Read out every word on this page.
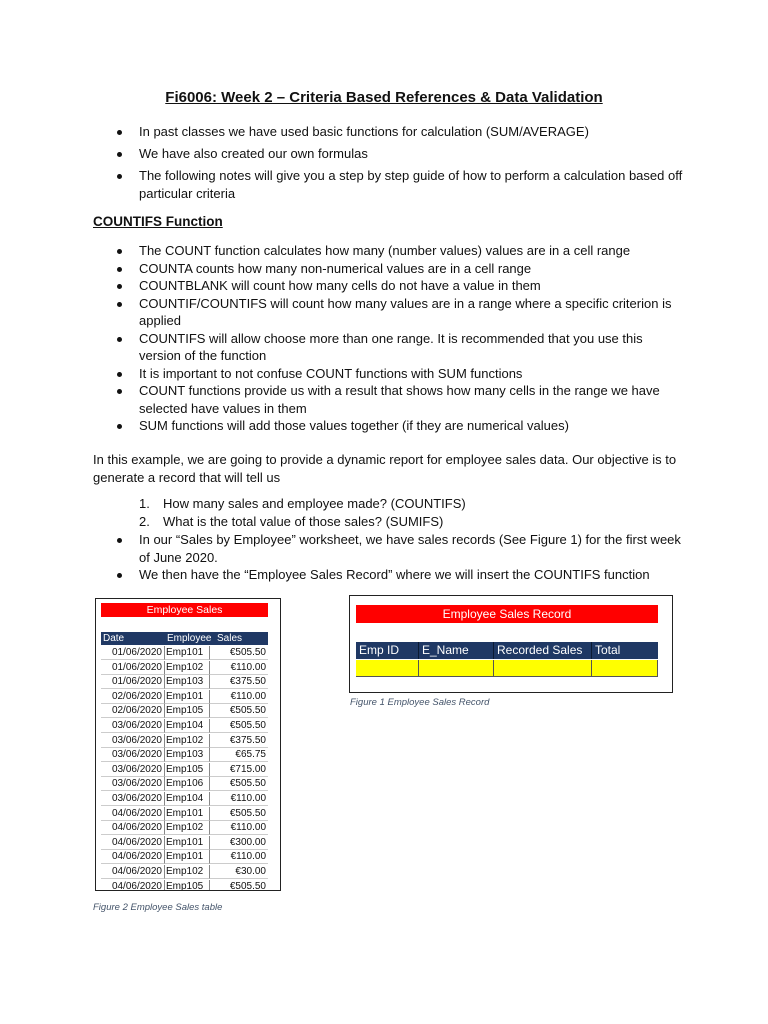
Fi6006: Week 2 – Criteria Based References & Data Validation
In past classes we have used basic functions for calculation (SUM/AVERAGE)
We have also created our own formulas
The following notes will give you a step by step guide of how to perform a calculation based off particular criteria
COUNTIFS Function
The COUNT function calculates how many (number values) values are in a cell range
COUNTA counts how many non-numerical values are in a cell range
COUNTBLANK will count how many cells do not have a value in them
COUNTIF/COUNTIFS will count how many values are in a range where a specific criterion is applied
COUNTIFS will allow choose more than one range. It is recommended that you use this version of the function
It is important to not confuse COUNT functions with SUM functions
COUNT functions provide us with a result that shows how many cells in the range we have selected have values in them
SUM functions will add those values together (if they are numerical values)
In this example, we are going to provide a dynamic report for employee sales data. Our objective is to generate a record that will tell us
1. How many sales and employee made? (COUNTIFS)
2. What is the total value of those sales? (SUMIFS)
In our “Sales by Employee” worksheet, we have sales records (See Figure 1) for the first week of June 2020.
We then have the “Employee Sales Record” where we will insert the COUNTIFS function
Employee Sales
Date	Employee Sales
01/06/2020 Emp101	€505.50
01/06/2020 Emp102	€110.00
01/06/2020 Emp103	€375.50
02/06/2020 Emp101	€110.00
02/06/2020 Emp105	€505.50
03/06/2020 Emp104	€505.50
03/06/2020 Emp102	€375.50
03/06/2020 Emp103	€65.75
03/06/2020 Emp105	€715.00
03/06/2020 Emp106	€505.50
03/06/2020 Emp104	€110.00
04/06/2020 Emp101	€505.50
04/06/2020 Emp102	€110.00
04/06/2020 Emp101	€300.00
04/06/2020 Emp101	€110.00
04/06/2020 Emp102	€30.00
04/06/2020 Emp105	€505.50
Figure 2 Employee Sales table
Employee Sales Record
Emp ID	E_Name	Recorded Sales	Total
Figure 1 Employee Sales Record
